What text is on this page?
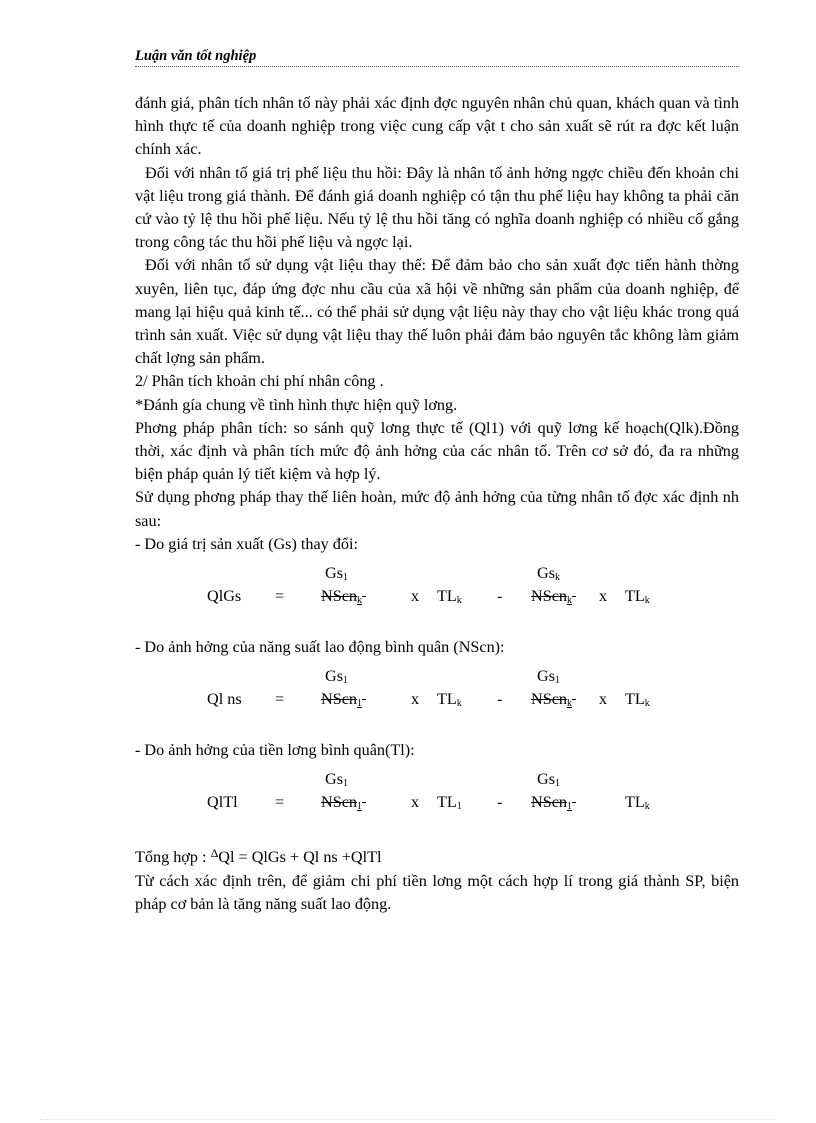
Luận văn tốt nghiệp

đánh giá, phân tích nhân tố này phải xác định đợc nguyên nhân chủ quan, khách quan và tình hình thực tế của doanh nghiệp trong việc cung cấp vật t cho sản xuất sẽ rút ra đợc kết luận chính xác.

Đối với nhân tố giá trị phế liệu thu hồi: Đây là nhân tố ảnh hởng ngợc chiều đến khoản chi vật liệu trong giá thành. Để đánh giá doanh nghiệp có tận thu phế liệu hay không ta phải căn cứ vào tỷ lệ thu hồi phế liệu. Nếu tỷ lệ thu hồi tăng có nghĩa doanh nghiệp có nhiều cố gắng trong công tác thu hồi phế liệu và ngợc lại.

Đối với nhân tố sử dụng vật liệu thay thế: Để đảm bảo cho sản xuất đợc tiến hành thờng xuyên, liên tục, đáp ứng đợc nhu cầu của xã hội về những sản phẩm của doanh nghiệp, để mang lại hiệu quả kinh tế... có thể phải sử dụng vật liệu này thay cho vật liệu khác trong quá trình sản xuất. Việc sử dụng vật liệu thay thế luôn phải đảm bảo nguyên tắc không làm giảm chất lợng sản phẩm.

2/ Phân tích khoản chi phí nhân công .

*Đánh gía chung về tình hình thực hiện quỹ lơng.

Phơng pháp phân tích: so sánh quỹ lơng thực tế (Ql1) với quỹ lơng kế hoạch(Qlk).Đồng thời, xác định và phân tích mức độ ảnh hởng của các nhân tố. Trên cơ sở đó, đa ra những biện pháp quản lý tiết kiệm và hợp lý.

Sử dụng phơng pháp thay thế liên hoàn, mức độ ảnh hởng của từng nhân tố đợc xác định nh sau:

- Do giá trị sản xuất (Gs) thay đổi:

$Gs_1$	$Gs_k$
QlGs = NScn$_k$	x $TL_k$ - NScn$_k$ x $TL_k$

- Do ảnh hởng của năng suất lao động bình quân (NScn):

$Gs_1$	$Gs_1$
Ql ns = NScn$_1$	x $TL_k$ - NScn$_k$ x $TL_k$

- Do ảnh hởng của tiền lơng bình quân(Tl):

$Gs_1$	$Gs_1$
QlTl = NScn$_1$	x $TL_1$ - NScn$_1$	$TL_k$

Tổng hợp : $^\Delta$Ql = QlGs + Ql ns +QlTl

Từ cách xác định trên, để giảm chi phí tiền lơng một cách hợp lí trong giá thành SP, biện pháp cơ bản là tăng năng suất lao động.
